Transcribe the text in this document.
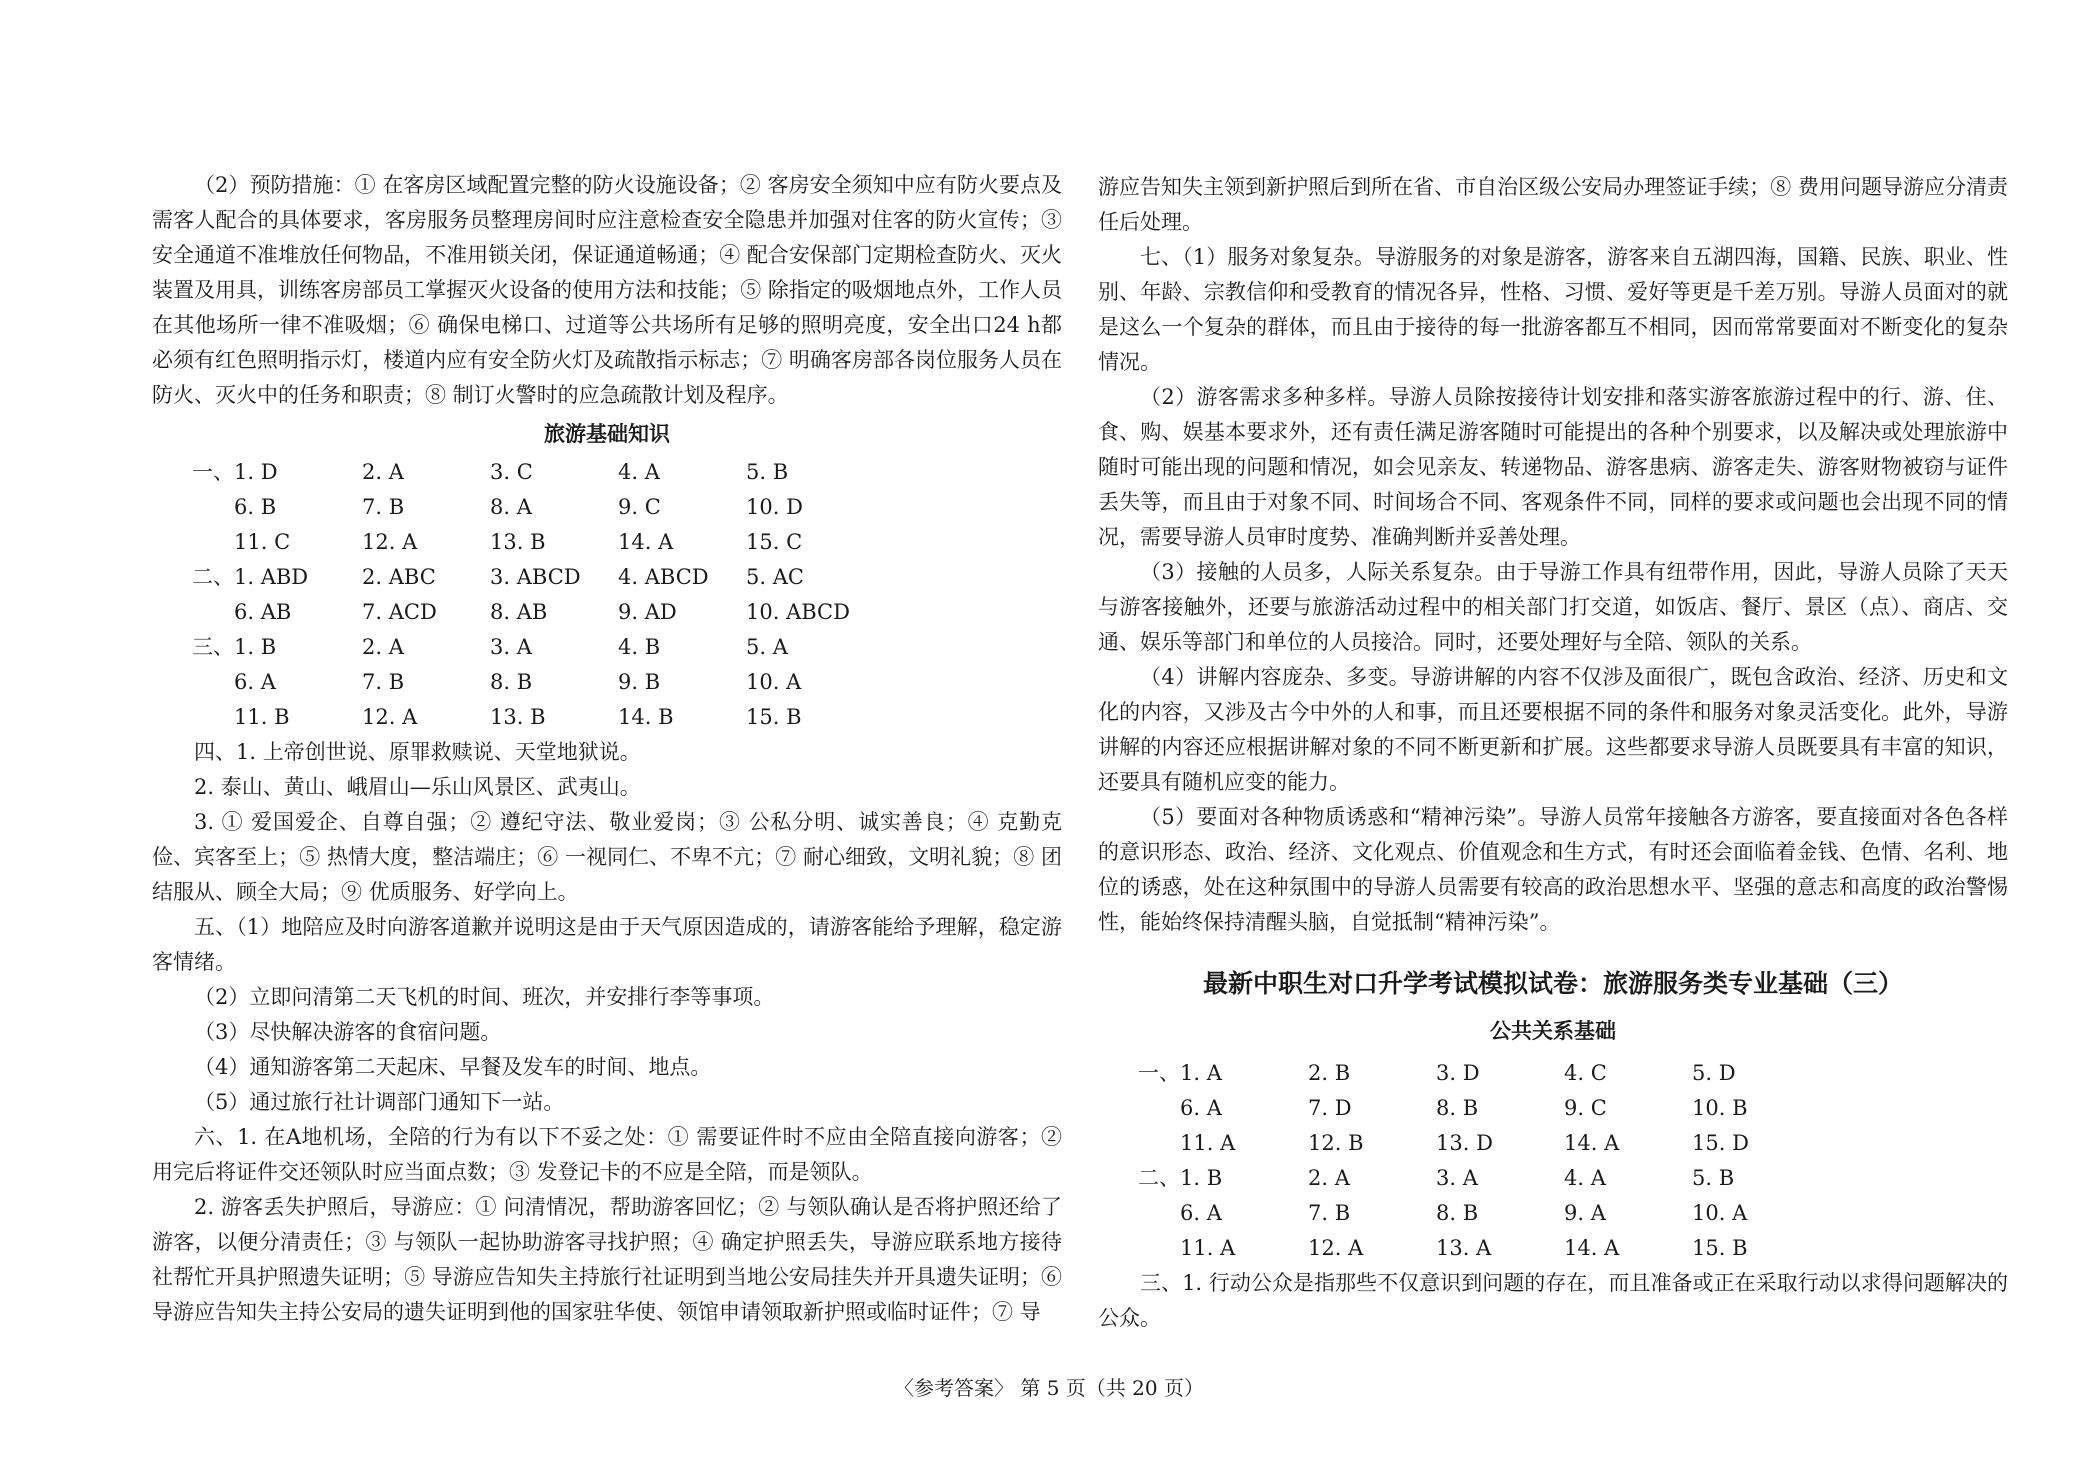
（2）预防措施：① 在客房区域配置完整的防火设施设备；② 客房安全须知中应有防火要点及需客人配合的具体要求，客房服务员整理房间时应注意检查安全隐患并加强对住客的防火宣传；③ 安全通道不准堆放任何物品，不准用锁关闭，保证通道畅通；④ 配合安保部门定期检查防火、灭火装置及用具，训练客房部员工掌握灭火设备的使用方法和技能；⑤ 除指定的吸烟地点外，工作人员在其他场所一律不准吸烟；⑥ 确保电梯口、过道等公共场所有足够的照明亮度，安全出口24 h都必须有红色照明指示灯，楼道内应有安全防火灯及疏散指示标志；⑦ 明确客房部各岗位服务人员在防火、灭火中的任务和职责；⑧ 制订火警时的应急疏散计划及程序。

旅游基础知识

一、	1. D	2. A	3. C	4. A	5. B
	6. B	7. B	8. A	9. C	10. D
	11. C	12. A	13. B	14. A	15. C
二、	1. ABD	2. ABC	3. ABCD	4. ABCD	5. AC
	6. AB	7. ACD	8. AB	9. AD	10. ABCD
三、	1. B	2. A	3. A	4. B	5. A
	6. A	7. B	8. B	9. B	10. A
	11. B	12. A	13. B	14. B	15. B

四、1. 上帝创世说、原罪救赎说、天堂地狱说。

2. 泰山、黄山、峨眉山—乐山风景区、武夷山。

3. ① 爱国爱企、自尊自强；② 遵纪守法、敬业爱岗；③ 公私分明、诚实善良；④ 克勤克俭、宾客至上；⑤ 热情大度，整洁端庄；⑥ 一视同仁、不卑不亢；⑦ 耐心细致，文明礼貌；⑧ 团结服从、顾全大局；⑨ 优质服务、好学向上。

五、（1）地陪应及时向游客道歉并说明这是由于天气原因造成的，请游客能给予理解，稳定游客情绪。

（2）立即问清第二天飞机的时间、班次，并安排行李等事项。

（3）尽快解决游客的食宿问题。

（4）通知游客第二天起床、早餐及发车的时间、地点。

（5）通过旅行社计调部门通知下一站。

六、1. 在A地机场，全陪的行为有以下不妥之处：① 需要证件时不应由全陪直接向游客；② 用完后将证件交还领队时应当面点数；③ 发登记卡的不应是全陪，而是领队。

2. 游客丢失护照后，导游应：① 问清情况，帮助游客回忆；② 与领队确认是否将护照还给了游客，以便分清责任；③ 与领队一起协助游客寻找护照；④ 确定护照丢失，导游应联系地方接待社帮忙开具护照遗失证明；⑤ 导游应告知失主持旅行社证明到当地公安局挂失并开具遗失证明；⑥ 导游应告知失主持公安局的遗失证明到他的国家驻华使、领馆申请领取新护照或临时证件；⑦ 导

游应告知失主领到新护照后到所在省、市自治区级公安局办理签证手续；⑧ 费用问题导游应分清责任后处理。

七、（1）服务对象复杂。导游服务的对象是游客，游客来自五湖四海，国籍、民族、职业、性别、年龄、宗教信仰和受教育的情况各异，性格、习惯、爱好等更是千差万别。导游人员面对的就是这么一个复杂的群体，而且由于接待的每一批游客都互不相同，因而常常要面对不断变化的复杂情况。

（2）游客需求多种多样。导游人员除按接待计划安排和落实游客旅游过程中的行、游、住、食、购、娱基本要求外，还有责任满足游客随时可能提出的各种个别要求，以及解决或处理旅游中随时可能出现的问题和情况，如会见亲友、转递物品、游客患病、游客走失、游客财物被窃与证件丢失等，而且由于对象不同、时间场合不同、客观条件不同，同样的要求或问题也会出现不同的情况，需要导游人员审时度势、准确判断并妥善处理。

（3）接触的人员多，人际关系复杂。由于导游工作具有纽带作用，因此，导游人员除了天天与游客接触外，还要与旅游活动过程中的相关部门打交道，如饭店、餐厅、景区（点）、商店、交通、娱乐等部门和单位的人员接洽。同时，还要处理好与全陪、领队的关系。

（4）讲解内容庞杂、多变。导游讲解的内容不仅涉及面很广，既包含政治、经济、历史和文化的内容，又涉及古今中外的人和事，而且还要根据不同的条件和服务对象灵活变化。此外，导游讲解的内容还应根据讲解对象的不同不断更新和扩展。这些都要求导游人员既要具有丰富的知识，还要具有随机应变的能力。

（5）要面对各种物质诱惑和“精神污染”。导游人员常年接触各方游客，要直接面对各色各样的意识形态、政治、经济、文化观点、价值观念和生方式，有时还会面临着金钱、色情、名利、地位的诱惑，处在这种氛围中的导游人员需要有较高的政治思想水平、坚强的意志和高度的政治警惕性，能始终保持清醒头脑，自觉抵制“精神污染”。

最新中职生对口升学考试模拟试卷：旅游服务类专业基础（三）

公共关系基础

一、	1. A	2. B	3. D	4. C	5. D
	6. A	7. D	8. B	9. C	10. B
	11. A	12. B	13. D	14. A	15. D
二、	1. B	2. A	3. A	4. A	5. B
	6. A	7. B	8. B	9. A	10. A
	11. A	12. A	13. A	14. A	15. B

三、1. 行动公众是指那些不仅意识到问题的存在，而且准备或正在采取行动以求得问题解决的公众。

〈参考答案〉 第 5 页（共 20 页）
